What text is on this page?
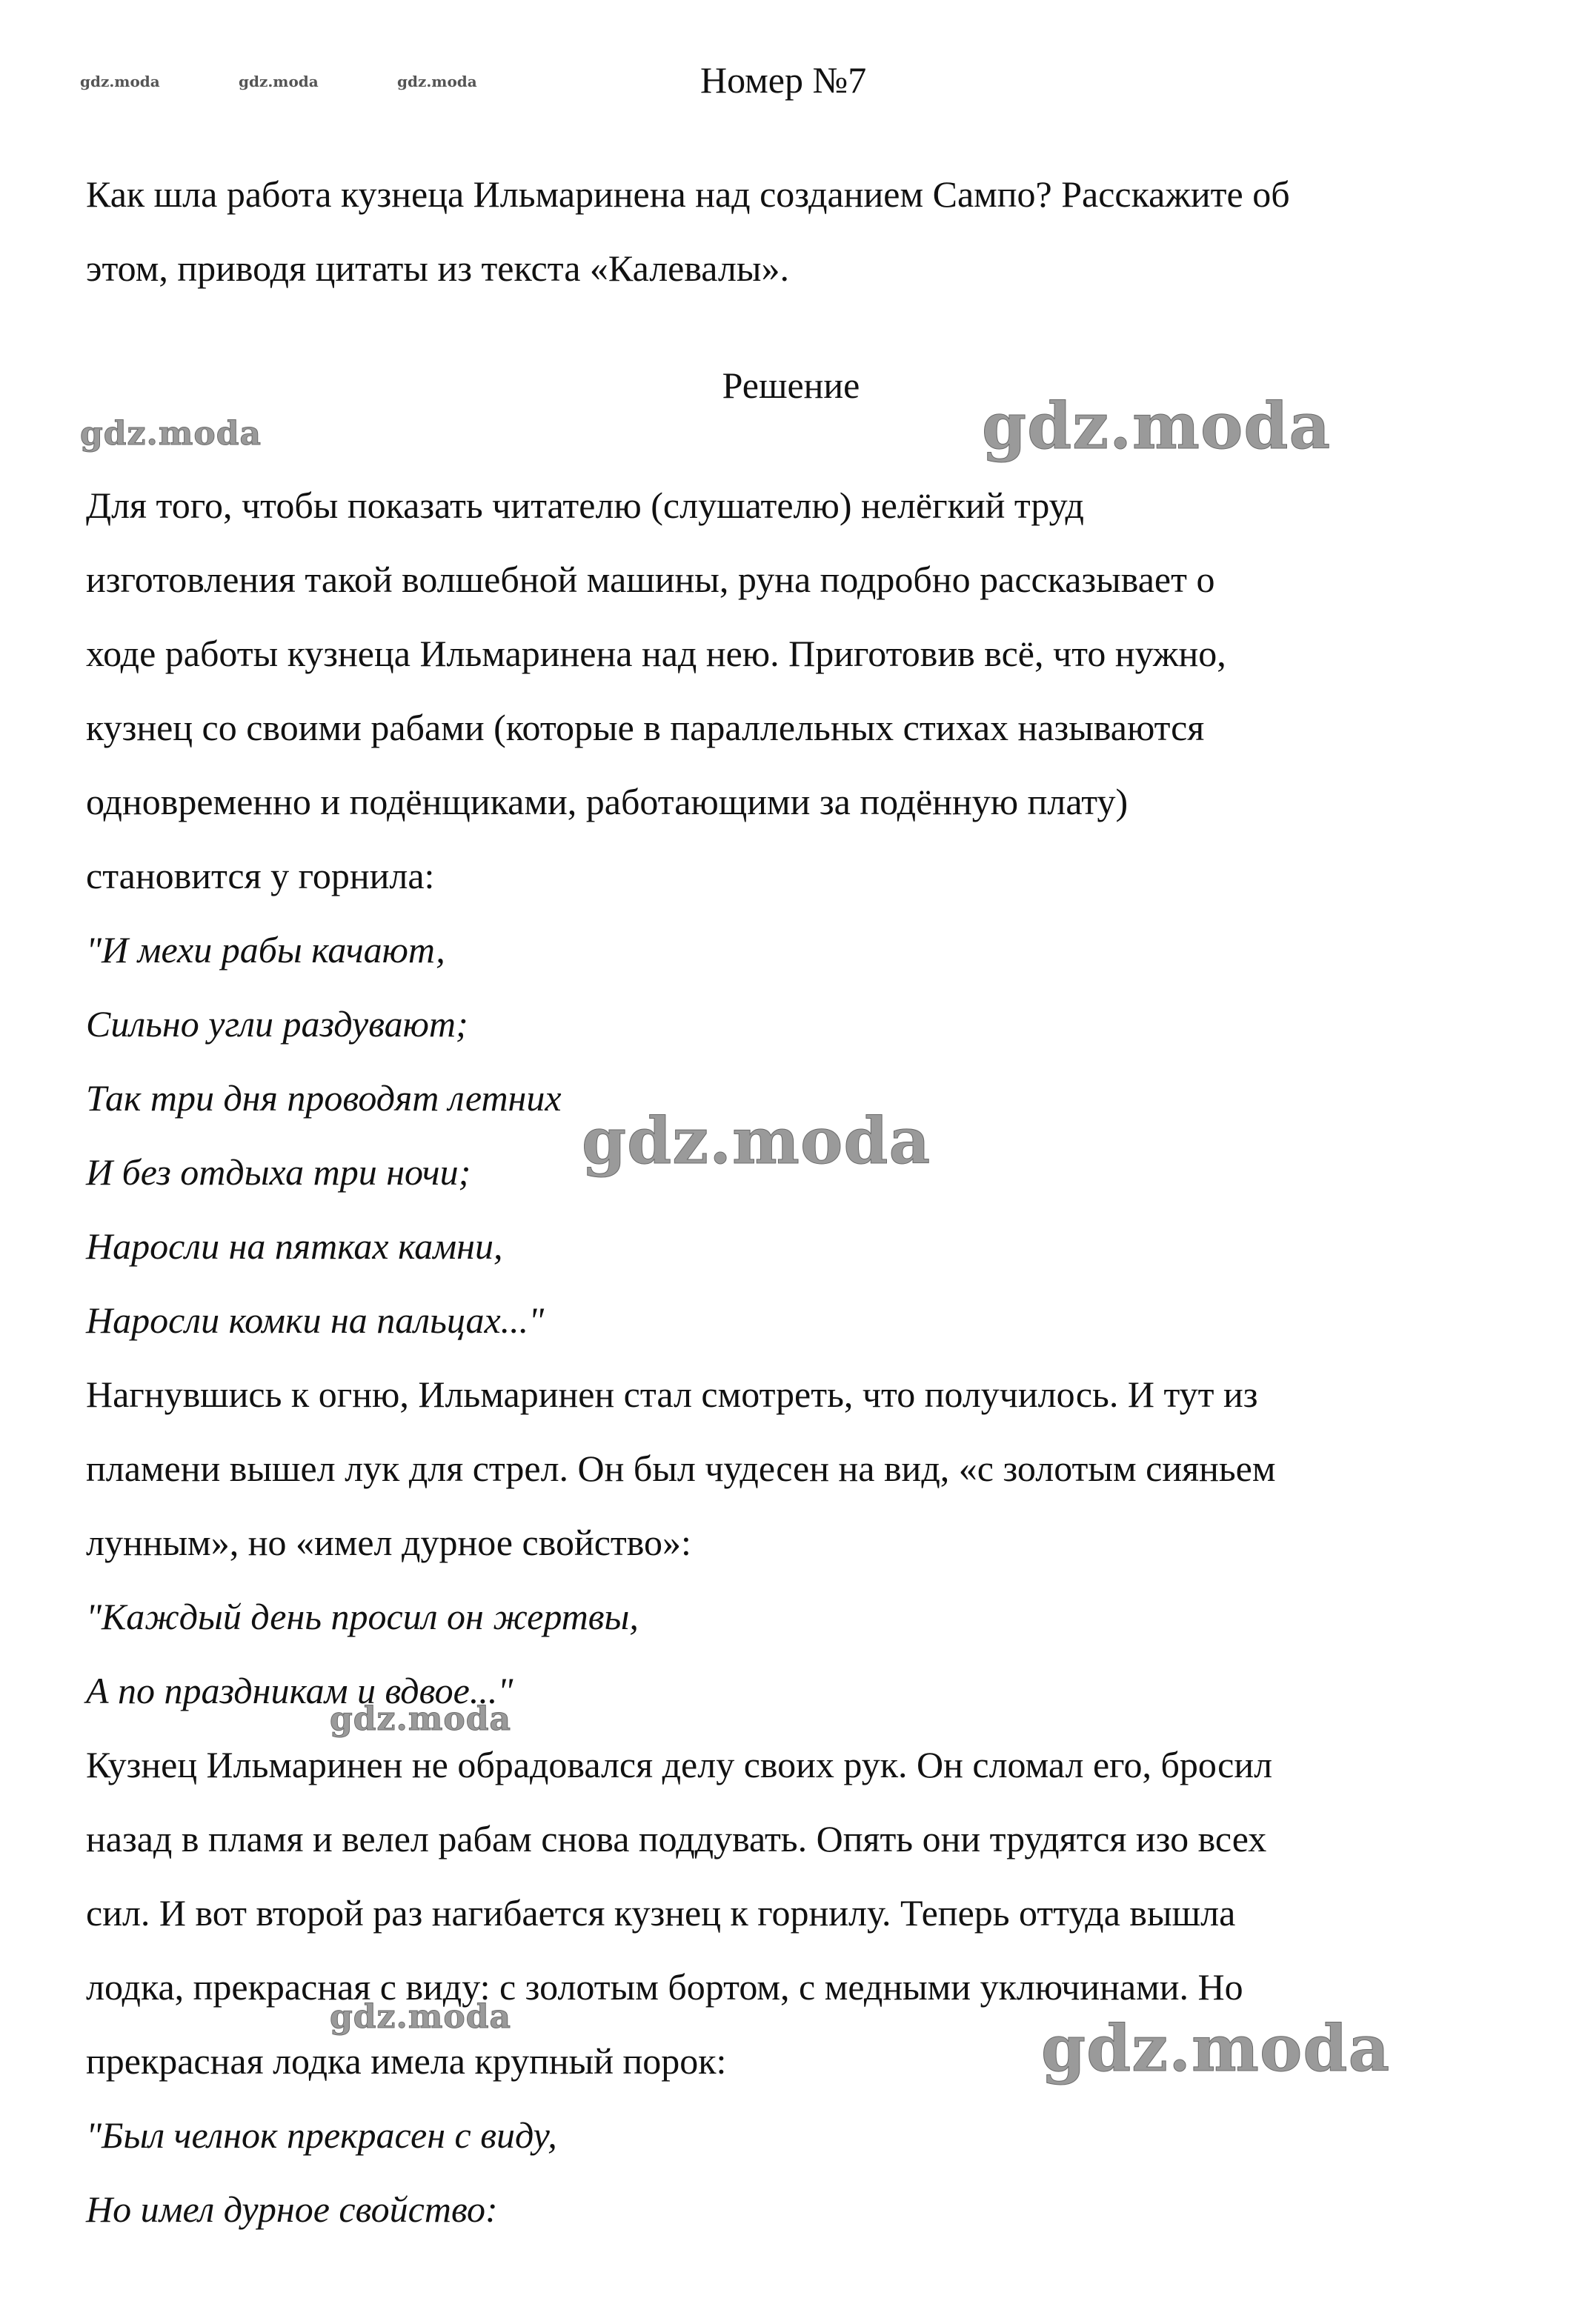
gdz.moda	gdz.moda	gdz.moda	Номер №7
Как шла работа кузнеца Ильмаринена над созданием Сампо? Расскажите об
этом, приводя цитаты из текста «Калевалы».
Решение
gdz.moda	gdz.moda
Для того, чтобы показать читателю (слушателю) нелёгкий труд
изготовления такой волшебной машины, руна подробно рассказывает о
ходе работы кузнеца Ильмаринена над нею. Приготовив всё, что нужно,
кузнец со своими рабами (которые в параллельных стихах называются
одновременно и подёнщиками, работающими за подённую плату)
становится у горнила:
"И мехи рабы качают,
Сильно угли раздувают;
Так три дня проводят летних
И без отдыха три ночи;
Наросли на пятках камни,
Наросли комки на пальцах..."
gdz.moda
Нагнувшись к огню, Ильмаринен стал смотреть, что получилось. И тут из
пламени вышел лук для стрел. Он был чудесен на вид, «с золотым сияньем
лунным», но «имел дурное свойство»:
"Каждый день просил он жертвы,
А по праздникам и вдвое..."
gdz.moda
Кузнец Ильмаринен не обрадовался делу своих рук. Он сломал его, бросил
назад в пламя и велел рабам снова поддувать. Опять они трудятся изо всех
сил. И вот второй раз нагибается кузнец к горнилу. Теперь оттуда вышла
лодка, прекрасная с виду: с золотым бортом, с медными уключинами. Но
прекрасная лодка имела крупный порок:
gdz.moda	gdz.moda
"Был челнок прекрасен с виду,
Но имел дурное свойство:
